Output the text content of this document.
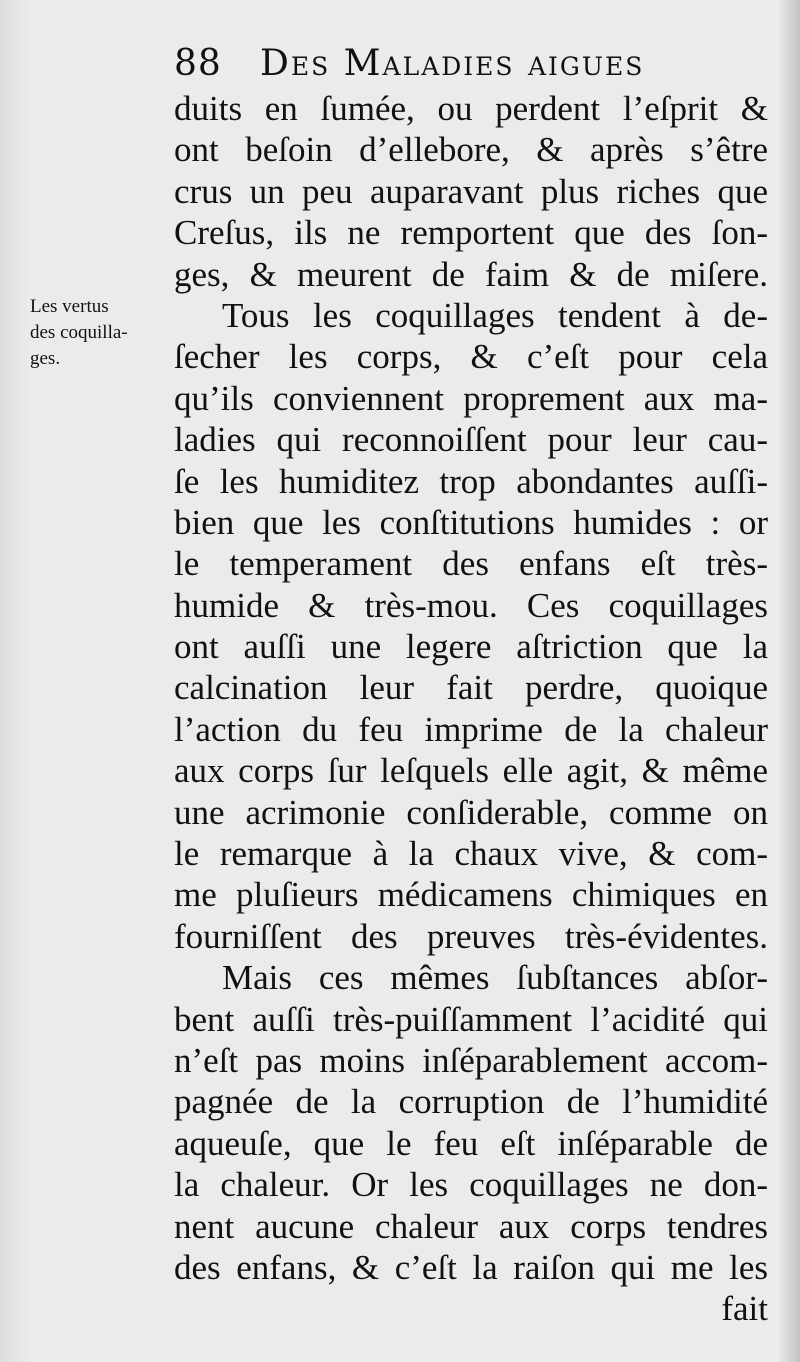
88 Des Maladies aigues
Les vertus
des coquilla-
ges.
duits en ſumée, ou perdent l’eſprit &
ont beſoin d’ellebore, & après s’être
crus un peu auparavant plus riches que
Creſus, ils ne remportent que des ſon-
ges, & meurent de faim & de miſere.
Tous les coquillages tendent à de-
ſecher les corps, & c’eſt pour cela
qu’ils conviennent proprement aux ma-
ladies qui reconnoiſſent pour leur cau-
ſe les humiditez trop abondantes auſſi-
bien que les conſtitutions humides : or
le temperament des enfans eſt très-
humide & très-mou. Ces coquillages
ont auſſi une legere aſtriction que la
calcination leur fait perdre, quoique
l’action du feu imprime de la chaleur
aux corps ſur leſquels elle agit, & même
une acrimonie conſiderable, comme on
le remarque à la chaux vive, & com-
me pluſieurs médicamens chimiques en
fourniſſent des preuves très-évidentes.
Mais ces mêmes ſubſtances abſor-
bent auſſi très-puiſſamment l’acidité qui
n’eſt pas moins inſéparablement accom-
pagnée de la corruption de l’humidité
aqueuſe, que le feu eſt inſéparable de
la chaleur. Or les coquillages ne don-
nent aucune chaleur aux corps tendres
des enfans, & c’eſt la raiſon qui me les
fait
